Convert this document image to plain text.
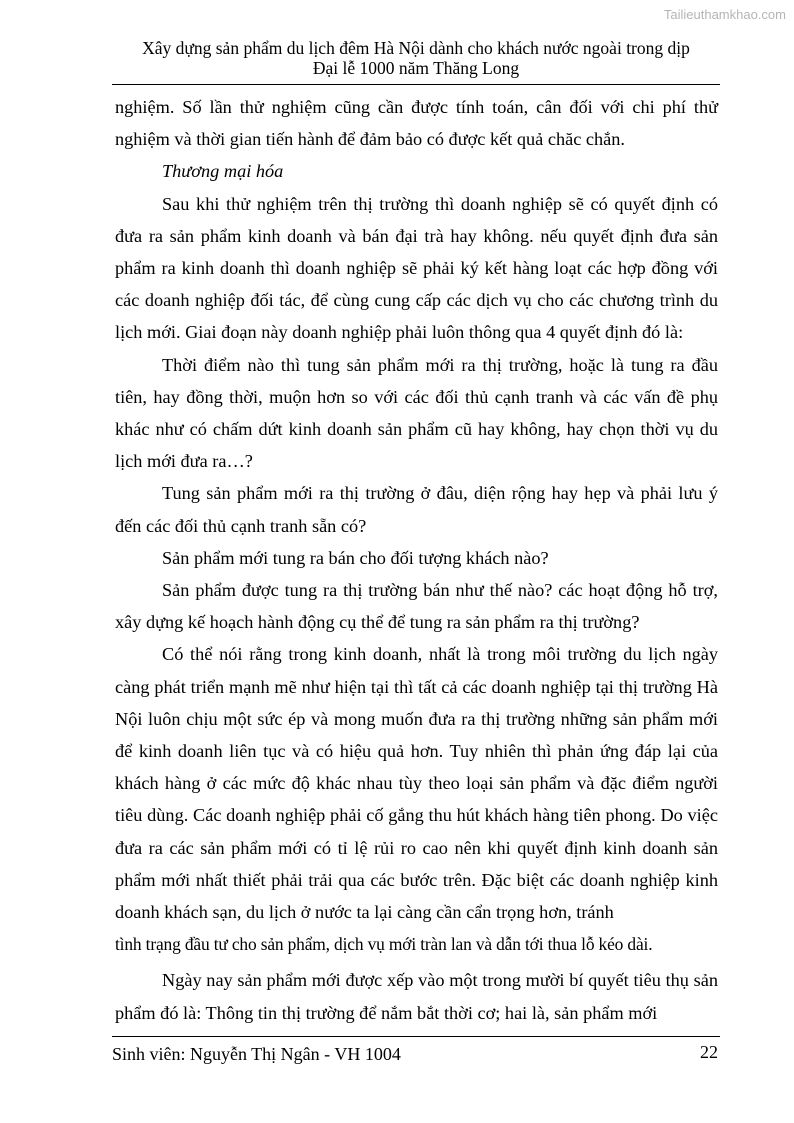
Tailieuthamkhao.com
Xây dựng sản phẩm du lịch đêm Hà Nội dành cho khách nước ngoài trong dịp
Đại lễ 1000 năm Thăng Long

nghiệm. Số lần thử nghiệm cũng cần được tính toán, cân đối với chi phí thử nghiệm và thời gian tiến hành để đảm bảo có được kết quả chăc chắn.

Thương mại hóa

Sau khi thử nghiệm trên thị trường thì doanh nghiệp sẽ có quyết định có đưa ra sản phẩm kinh doanh và bán đại trà hay không. nếu quyết định đưa sản phẩm ra kinh doanh thì doanh nghiệp sẽ phải ký kết hàng loạt các hợp đồng với các doanh nghiệp đối tác, để cùng cung cấp các dịch vụ cho các chương trình du lịch mới. Giai đoạn này doanh nghiệp phải luôn thông qua 4 quyết định đó là:

Thời điểm nào thì tung sản phẩm mới ra thị trường, hoặc là tung ra đầu tiên, hay đồng thời, muộn hơn so với các đối thủ cạnh tranh và các vấn đề phụ khác như có chấm dứt kinh doanh sản phẩm cũ hay không, hay chọn thời vụ du lịch mới đưa ra…?

Tung sản phẩm mới ra thị trường ở đâu, diện rộng hay hẹp và phải lưu ý đến các đối thủ cạnh tranh sẵn có?

Sản phẩm mới tung ra bán cho đối tượng khách nào?

Sản phẩm được tung ra thị trường bán như thế nào? các hoạt động hỗ trợ, xây dựng kế hoạch hành động cụ thể để tung ra sản phẩm ra thị trường?

Có thể nói rằng trong kinh doanh, nhất là trong môi trường du lịch ngày càng phát triển mạnh mẽ như hiện tại thì tất cả các doanh nghiệp tại thị trường Hà Nội luôn chịu một sức ép và mong muốn đưa ra thị trường những sản phẩm mới để kinh doanh liên tục và có hiệu quả hơn. Tuy nhiên thì phản ứng đáp lại của khách hàng ở các mức độ khác nhau tùy theo loại sản phẩm và đặc điểm người tiêu dùng. Các doanh nghiệp phải cố gắng thu hút khách hàng tiên phong. Do việc đưa ra các sản phẩm mới có tỉ lệ rủi ro cao nên khi quyết định kinh doanh sản phẩm mới nhất thiết phải trải qua các bước trên. Đặc biệt các doanh nghiệp kinh doanh khách sạn, du lịch ở nước ta lại càng cần cẩn trọng hơn, tránh

tình trạng đầu tư cho sản phẩm, dịch vụ mới tràn lan và dẫn tới thua lỗ kéo dài.

Ngày nay sản phẩm mới được xếp vào một trong mười bí quyết tiêu thụ sản phẩm đó là: Thông tin thị trường để nắm bắt thời cơ; hai là, sản phẩm mới

Sinh viên: Nguyễn Thị Ngân - VH 1004	22
